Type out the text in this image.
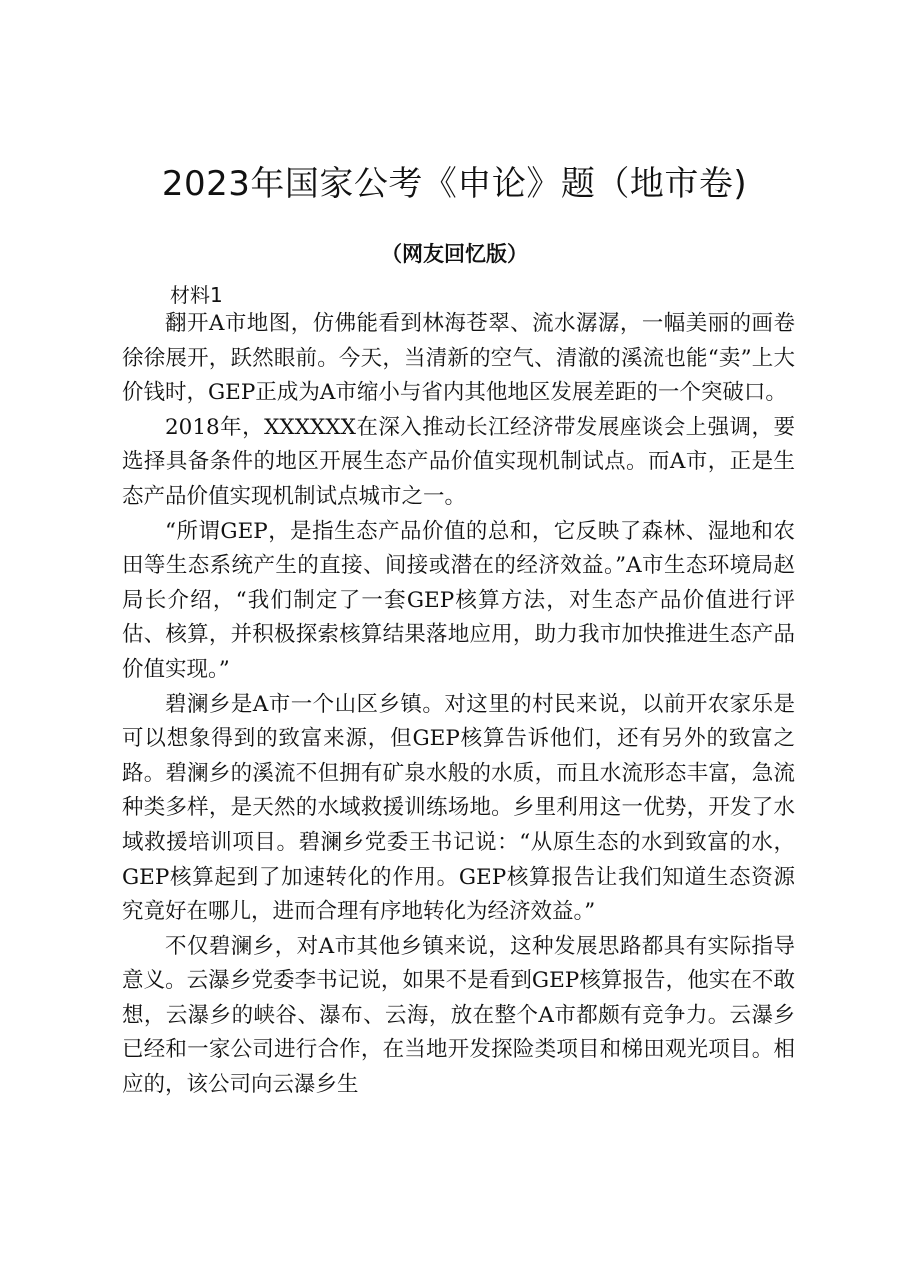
2023年国家公考《申论》题（地市卷)
（网友回忆版）
材料1

翻开A市地图，仿佛能看到林海苍翠、流水潺潺，一幅美丽的画卷徐徐展开，跃然眼前。今天，当清新的空气、清澈的溪流也能“卖”上大价钱时，GEP正成为A市缩小与省内其他地区发展差距的一个突破口。

2018年，XXXXXX在深入推动长江经济带发展座谈会上强调，要选择具备条件的地区开展生态产品价值实现机制试点。而A市，正是生态产品价值实现机制试点城市之一。

“所谓GEP，是指生态产品价值的总和，它反映了森林、湿地和农田等生态系统产生的直接、间接或潜在的经济效益。”A市生态环境局赵局长介绍，“我们制定了一套GEP核算方法，对生态产品价值进行评估、核算，并积极探索核算结果落地应用，助力我市加快推进生态产品价值实现。”

碧澜乡是A市一个山区乡镇。对这里的村民来说，以前开农家乐是可以想象得到的致富来源，但GEP核算告诉他们，还有另外的致富之路。碧澜乡的溪流不但拥有矿泉水般的水质，而且水流形态丰富，急流种类多样，是天然的水域救援训练场地。乡里利用这一优势，开发了水域救援培训项目。碧澜乡党委王书记说：“从原生态的水到致富的水，GEP核算起到了加速转化的作用。GEP核算报告让我们知道生态资源究竟好在哪儿，进而合理有序地转化为经济效益。”

不仅碧澜乡，对A市其他乡镇来说，这种发展思路都具有实际指导意义。云瀑乡党委李书记说，如果不是看到GEP核算报告，他实在不敢想，云瀑乡的峡谷、瀑布、云海，放在整个A市都颇有竞争力。云瀑乡已经和一家公司进行合作，在当地开发探险类项目和梯田观光项目。相应的，该公司向云瀑乡生
